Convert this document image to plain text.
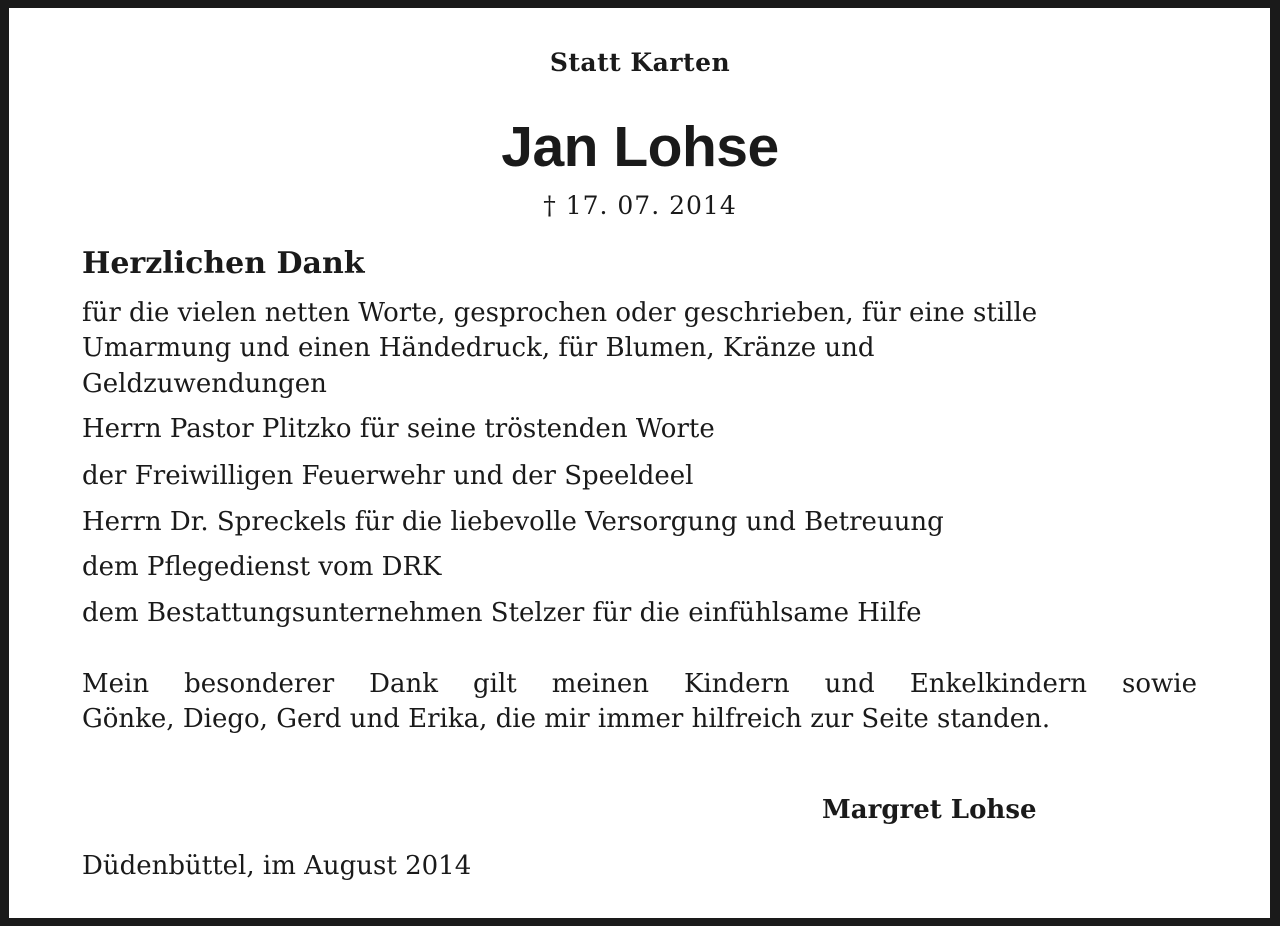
Statt Karten

Jan Lohse

† 17. 07. 2014

Herzlichen Dank

für die vielen netten Worte, gesprochen oder geschrieben, für eine stille

Umarmung und einen Händedruck, für Blumen, Kränze und

Geldzuwendungen

Herrn Pastor Plitzko für seine tröstenden Worte

der Freiwilligen Feuerwehr und der Speeldeel

Herrn Dr. Spreckels für die liebevolle Versorgung und Betreuung

dem Pflegedienst vom DRK

dem Bestattungsunternehmen Stelzer für die einfühlsame Hilfe

Mein besonderer Dank gilt meinen Kindern und Enkelkindern sowie
Gönke, Diego, Gerd und Erika, die mir immer hilfreich zur Seite standen.

Margret Lohse

Düdenbüttel, im August 2014
